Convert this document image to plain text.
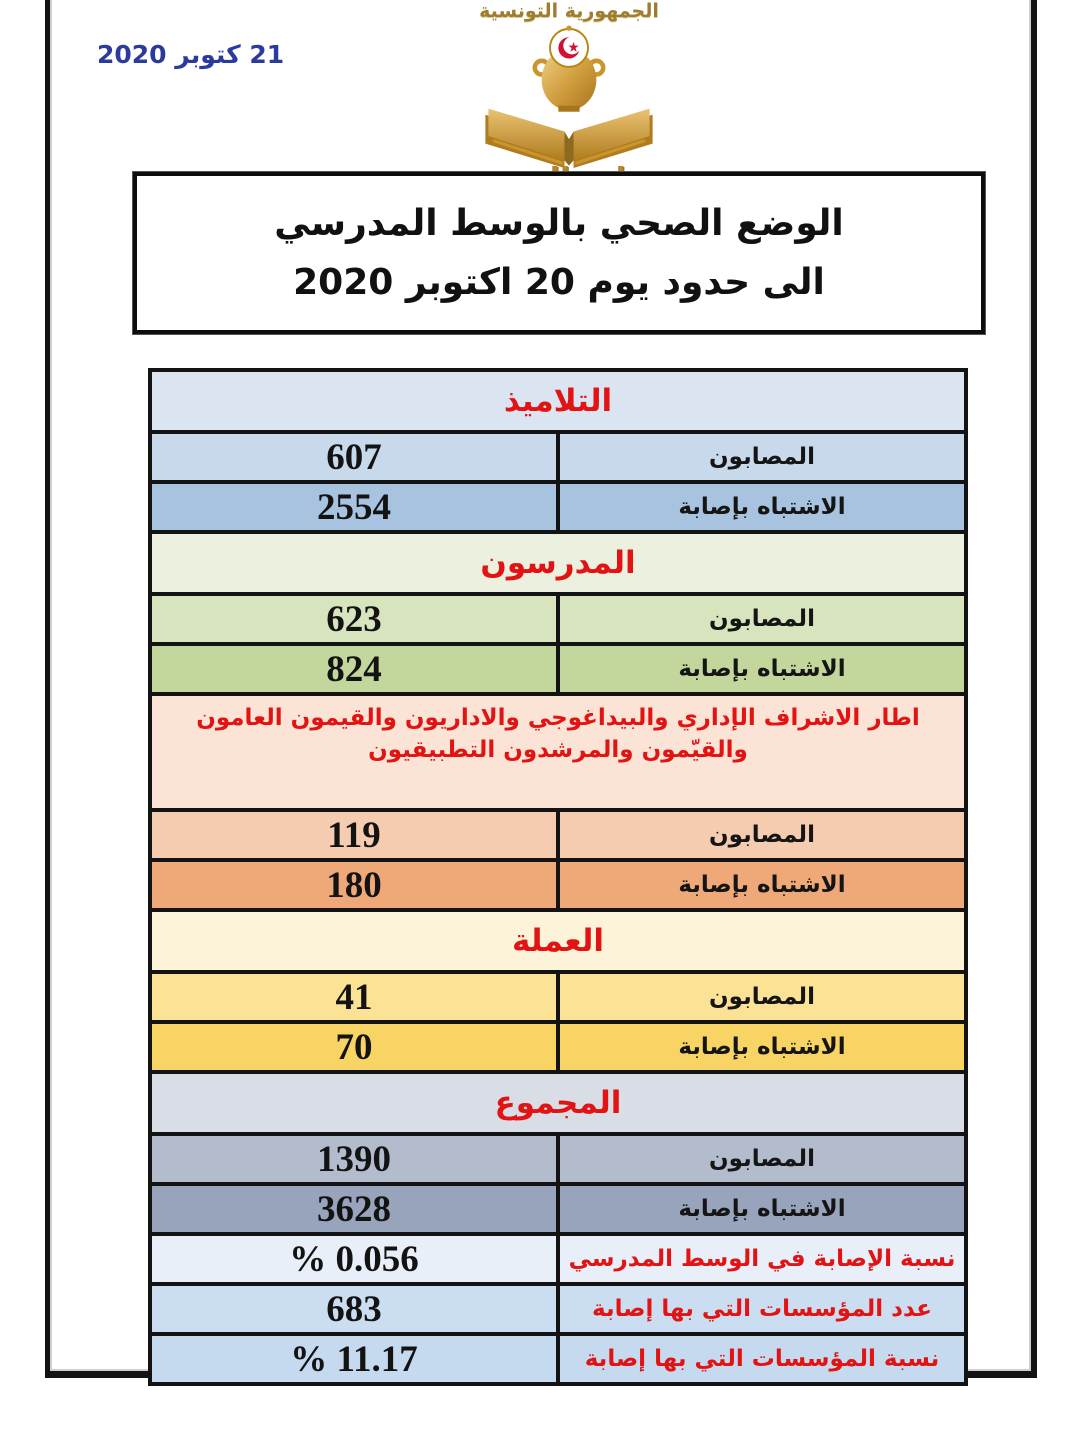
21 كتوبر 2020
الجمهورية التونسية
الوضع الصحي بالوسط المدرسي
الى حدود يوم 20 اكتوبر 2020
التلاميذ	

المصابون	607
الاشتباه بإصابة	2554

المدرسون	

المصابون	623
الاشتباه بإصابة	824

اطار الاشراف الإداري والبيداغوجي والاداريون والقيمون العامون
والقيّمون والمرشدون التطبيقيون	

المصابون	119
الاشتباه بإصابة	180

العملة	

المصابون	41
الاشتباه بإصابة	70

المجموع	

المصابون	1390
الاشتباه بإصابة	3628
نسبة الإصابة في الوسط المدرسي	% 0.056
عدد المؤسسات التي بها إصابة	683
نسبة المؤسسات التي بها إصابة	% 11.17
